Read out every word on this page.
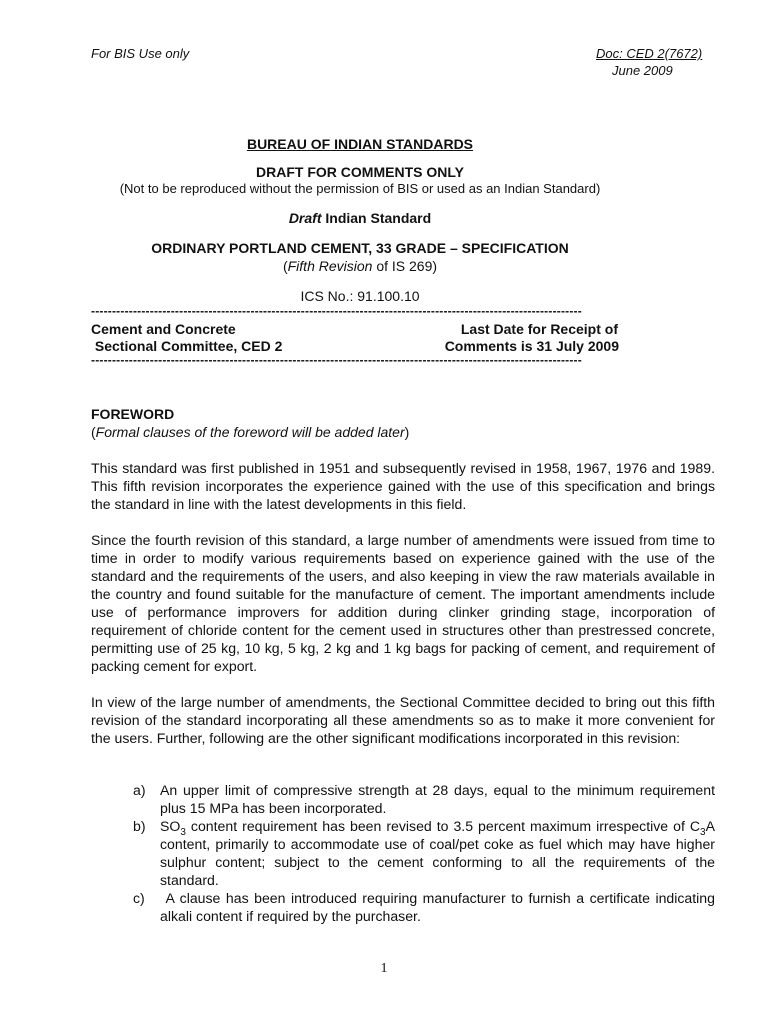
For BIS Use only	Doc: CED 2(7672)
June 2009
BUREAU OF INDIAN STANDARDS
DRAFT FOR COMMENTS ONLY
(Not to be reproduced without the permission of BIS or used as an Indian Standard)
Draft Indian Standard
ORDINARY PORTLAND CEMENT, 33 GRADE – SPECIFICATION
(Fifth Revision of IS 269)
ICS No.: 91.100.10
---------------------------------------------------------------------------------------------------------------------
Cement and Concrete
Sectional Committee, CED 2
Last Date for Receipt of
Comments is 31 July 2009
---------------------------------------------------------------------------------------------------------------------
FOREWORD
(Formal clauses of the foreword will be added later)

This standard was first published in 1951 and subsequently revised in 1958, 1967, 1976 and 1989. This fifth revision incorporates the experience gained with the use of this specification and brings the standard in line with the latest developments in this field.

Since the fourth revision of this standard, a large number of amendments were issued from time to time in order to modify various requirements based on experience gained with the use of the standard and the requirements of the users, and also keeping in view the raw materials available in the country and found suitable for the manufacture of cement. The important amendments include use of performance improvers for addition during clinker grinding stage, incorporation of requirement of chloride content for the cement used in structures other than prestressed concrete, permitting use of 25 kg, 10 kg, 5 kg, 2 kg and 1 kg bags for packing of cement, and requirement of packing cement for export.

In view of the large number of amendments, the Sectional Committee decided to bring out this fifth revision of the standard incorporating all these amendments so as to make it more convenient for the users. Further, following are the other significant modifications incorporated in this revision:

a) An upper limit of compressive strength at 28 days, equal to the minimum requirement plus 15 MPa has been incorporated.
b) $SO_3$ content requirement has been revised to 3.5 percent maximum irrespective of $C_3A$ content, primarily to accommodate use of coal/pet coke as fuel which may have higher sulphur content; subject to the cement conforming to all the requirements of the standard.
c) A clause has been introduced requiring manufacturer to furnish a certificate indicating alkali content if required by the purchaser.
1
